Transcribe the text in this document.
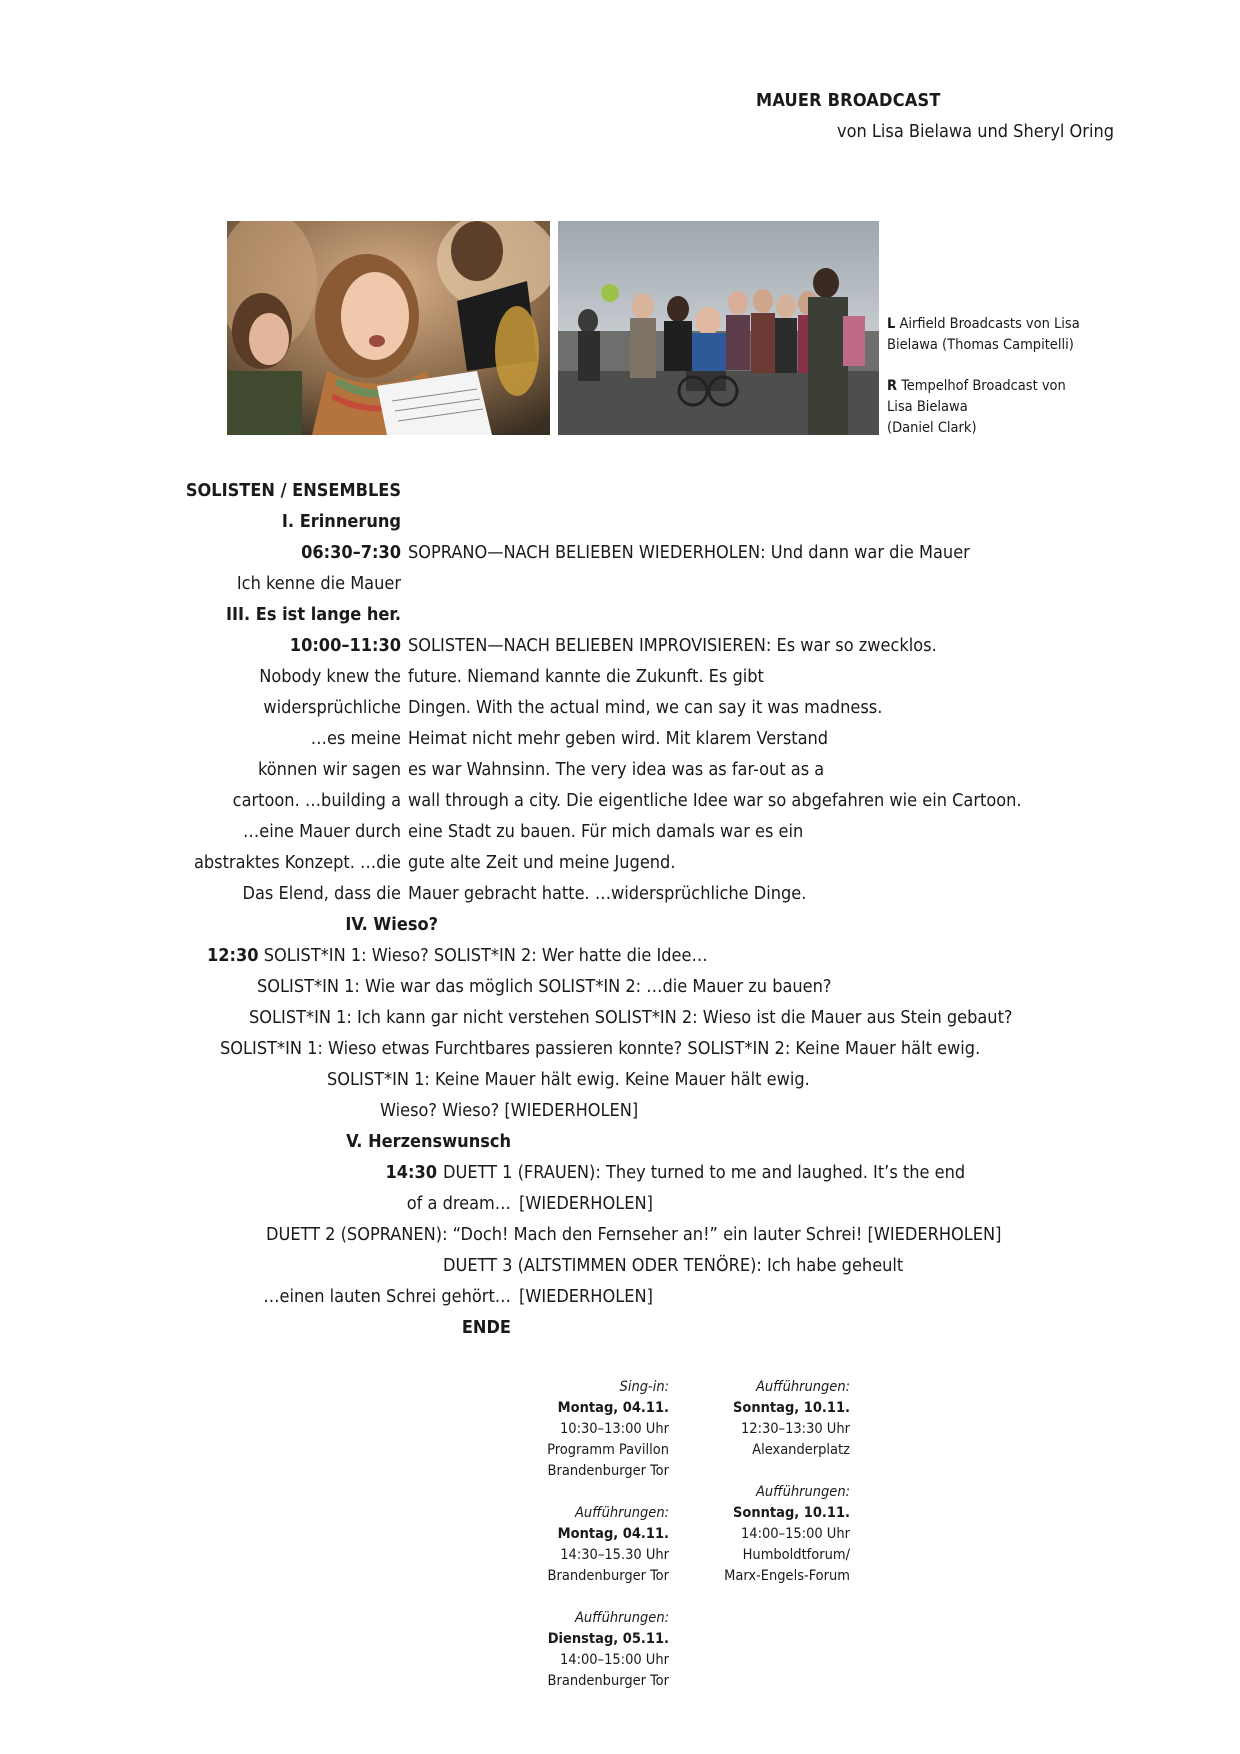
MAUER BROADCAST
von Lisa Bielawa und Sheryl Oring
L Airfield Broadcasts von Lisa
Bielawa (Thomas Campitelli)
R Tempelhof Broadcast von
Lisa Bielawa
(Daniel Clark)
SOLISTEN / ENSEMBLES
I. Erinnerung
06:30–7:30 SOPRANO—NACH BELIEBEN WIEDERHOLEN: Und dann war die Mauer
Ich kenne die Mauer
III. Es ist lange her.
10:00–11:30 SOLISTEN—NACH BELIEBEN IMPROVISIEREN: Es war so zwecklos.
Nobody knew the future. Niemand kannte die Zukunft. Es gibt
widersprüchliche Dingen. With the actual mind, we can say it was madness.
…es meine Heimat nicht mehr geben wird. Mit klarem Verstand
können wir sagen es war Wahnsinn. The very idea was as far-out as a
cartoon. …building a wall through a city. Die eigentliche Idee war so abgefahren wie ein Cartoon.
…eine Mauer durch eine Stadt zu bauen. Für mich damals war es ein
abstraktes Konzept. …die gute alte Zeit und meine Jugend.
Das Elend, dass die Mauer gebracht hatte. …widersprüchliche Dinge.
IV. Wieso?
12:30 SOLIST*IN 1: Wieso? SOLIST*IN 2: Wer hatte die Idee…
SOLIST*IN 1: Wie war das möglich SOLIST*IN 2: …die Mauer zu bauen?
SOLIST*IN 1: Ich kann gar nicht verstehen SOLIST*IN 2: Wieso ist die Mauer aus Stein gebaut?
SOLIST*IN 1: Wieso etwas Furchtbares passieren konnte? SOLIST*IN 2: Keine Mauer hält ewig.
SOLIST*IN 1: Keine Mauer hält ewig. Keine Mauer hält ewig.
Wieso? Wieso? [WIEDERHOLEN]
V. Herzenswunsch
14:30 DUETT 1 (FRAUEN): They turned to me and laughed. It’s the end
of a dream… [WIEDERHOLEN]
DUETT 2 (SOPRANEN): “Doch! Mach den Fernseher an!” ein lauter Schrei! [WIEDERHOLEN]
DUETT 3 (ALTSTIMMEN ODER TENÖRE): Ich habe geheult
…einen lauten Schrei gehört… [WIEDERHOLEN]
ENDE
Sing-in:
Montag, 04.11.
10:30–13:00 Uhr
Programm Pavillon
Brandenburger Tor
Aufführungen:
Montag, 04.11.
14:30–15.30 Uhr
Brandenburger Tor
Aufführungen:
Dienstag, 05.11.
14:00–15:00 Uhr
Brandenburger Tor
Aufführungen:
Sonntag, 10.11.
12:30–13:30 Uhr
Alexanderplatz
Aufführungen:
Sonntag, 10.11.
14:00–15:00 Uhr
Humboldtforum/
Marx-Engels-Forum
